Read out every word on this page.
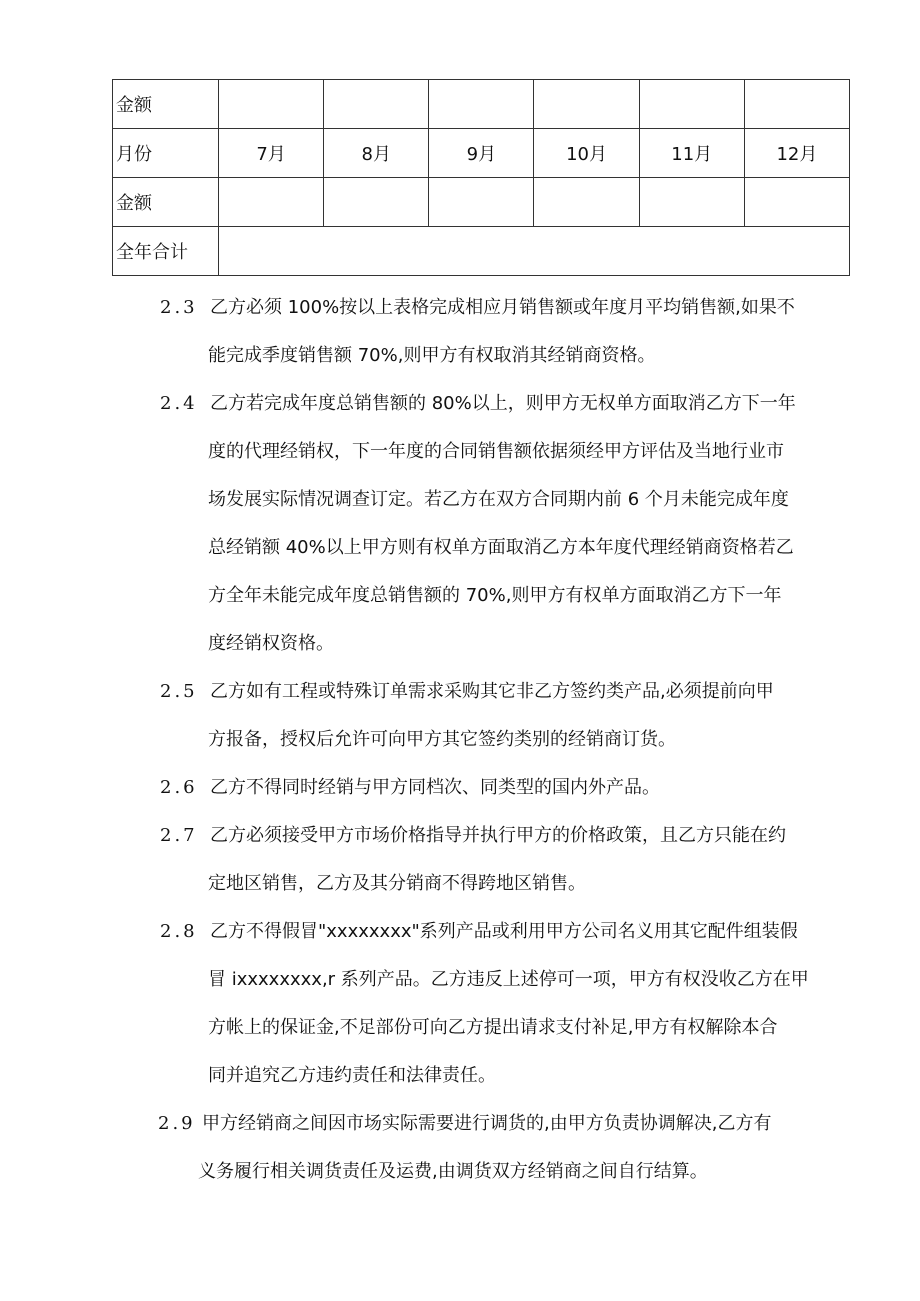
金额						
月份	7月	8月	9月	10月	11月	12月
金额						
全年合计						
2.3 乙方必须 100%按以上表格完成相应月销售额或年度月平均销售额,如果不
能完成季度销售额 70%,则甲方有权取消其经销商资格。
2.4 乙方若完成年度总销售额的 80%以上，则甲方无权单方面取消乙方下一年
度的代理经销权，下一年度的合同销售额依据须经甲方评估及当地行业市
场发展实际情况调查订定。若乙方在双方合同期内前 6 个月未能完成年度
总经销额 40%以上甲方则有权单方面取消乙方本年度代理经销商资格若乙
方全年未能完成年度总销售额的 70%,则甲方有权单方面取消乙方下一年
度经销权资格。
2.5 乙方如有工程或特殊订单需求采购其它非乙方签约类产品,必须提前向甲
方报备，授权后允许可向甲方其它签约类别的经销商订货。
2.6 乙方不得同时经销与甲方同档次、同类型的国内外产品。
2.7 乙方必须接受甲方市场价格指导并执行甲方的价格政策，且乙方只能在约
定地区销售，乙方及其分销商不得跨地区销售。
2.8 乙方不得假冒"xxxxxxxx"系列产品或利用甲方公司名义用其它配件组装假
冒 ixxxxxxxx,r 系列产品。乙方违反上述停可一项，甲方有权没收乙方在甲
方帐上的保证金,不足部份可向乙方提出请求支付补足,甲方有权解除本合
同并追究乙方违约责任和法律责任。
2.9 甲方经销商之间因市场实际需要进行调货的,由甲方负责协调解决,乙方有
义务履行相关调货责任及运费,由调货双方经销商之间自行结算。
